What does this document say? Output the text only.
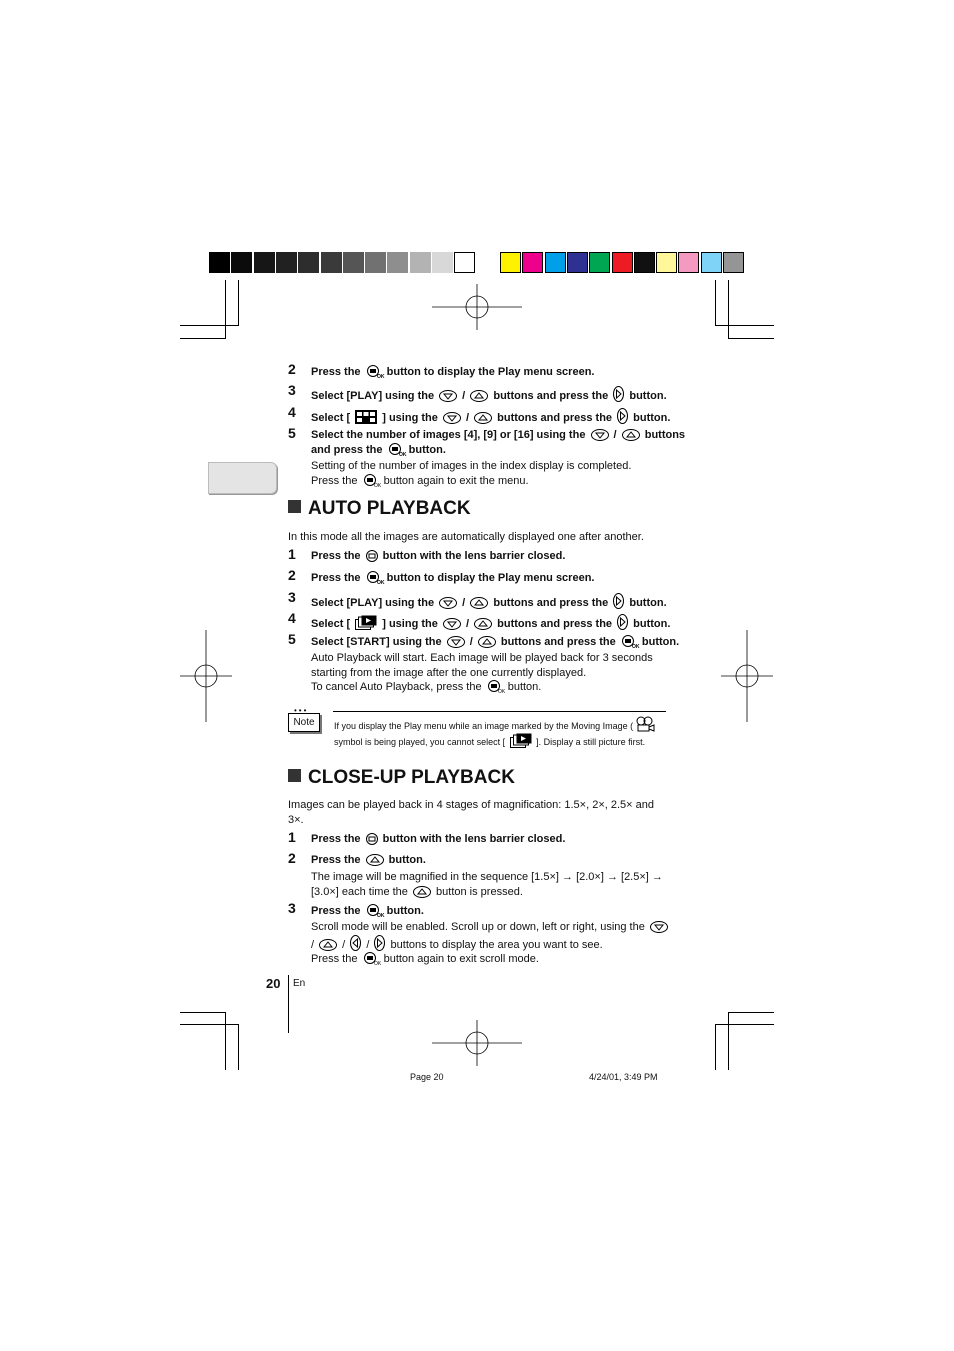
2 Press the	OK button to display the Play menu screen.
3 Select [PLAY] using the  /  buttons and press the  button.
4 Select [  ] using the  /  buttons and press the  button.
5 Select the number of images [4], [9] or [16] using the  /  buttons
and press the	OK button.
Setting of the number of images in the index display is completed.
Press the	OK button again to exit the menu.
AUTO PLAYBACK
In this mode all the images are automatically displayed one after another.
1 Press the  button with the lens barrier closed.
2 Press the	OK button to display the Play menu screen.
3 Select [PLAY] using the  /  buttons and press the  button.
4 Select [  ] using the  /  buttons and press the  button.
5 Select [START] using the  /  buttons and press the	OK button.
Auto Playback will start. Each image will be played back for 3 seconds
starting from the image after the one currently displayed.
To cancel Auto Playback, press the	OK button.
If you display the Play menu while an image marked by the Moving Image (
symbol is being played, you cannot select [	]. Display a still picture first.
CLOSE-UP PLAYBACK
Images can be played back in 4 stages of magnification: 1.5×, 2×, 2.5× and
3×.
1 Press the  button with the lens barrier closed.
2 Press the  button.
The image will be magnified in the sequence [1.5×] → [2.0×] → [2.5×] →
[3.0×] each time the  button is pressed.
3 Press the	OK button.
Scroll mode will be enabled. Scroll up or down, left or right, using the
/  /  /  buttons to display the area you want to see.
Press the	OK button again to exit scroll mode.
Note
•••
20 En
Page 20	4/24/01, 3:49 PM
